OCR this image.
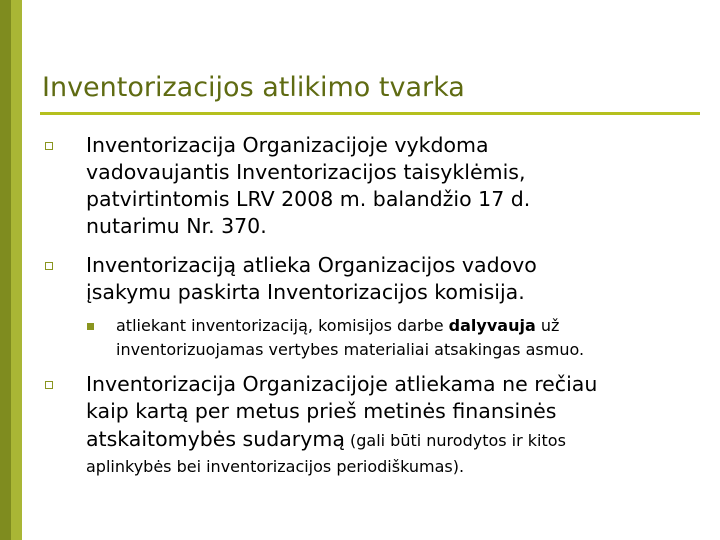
Inventorizacijos atlikimo tvarka
Inventorizacija Organizacijoje vykdoma
vadovaujantis Inventorizacijos taisyklėmis,
patvirtintomis LRV 2008 m. balandžio 17 d.
nutarimu Nr. 370.
Inventorizaciją atlieka Organizacijos vadovo
įsakymu paskirta Inventorizacijos komisija.
atliekant inventorizaciją, komisijos darbe dalyvauja už
inventorizuojamas vertybes materialiai atsakingas asmuo.
Inventorizacija Organizacijoje atliekama ne rečiau
kaip kartą per metus prieš metinės finansinės
atskaitomybės sudarymą (gali būti nurodytos ir kitos
aplinkybės bei inventorizacijos periodiškumas).
